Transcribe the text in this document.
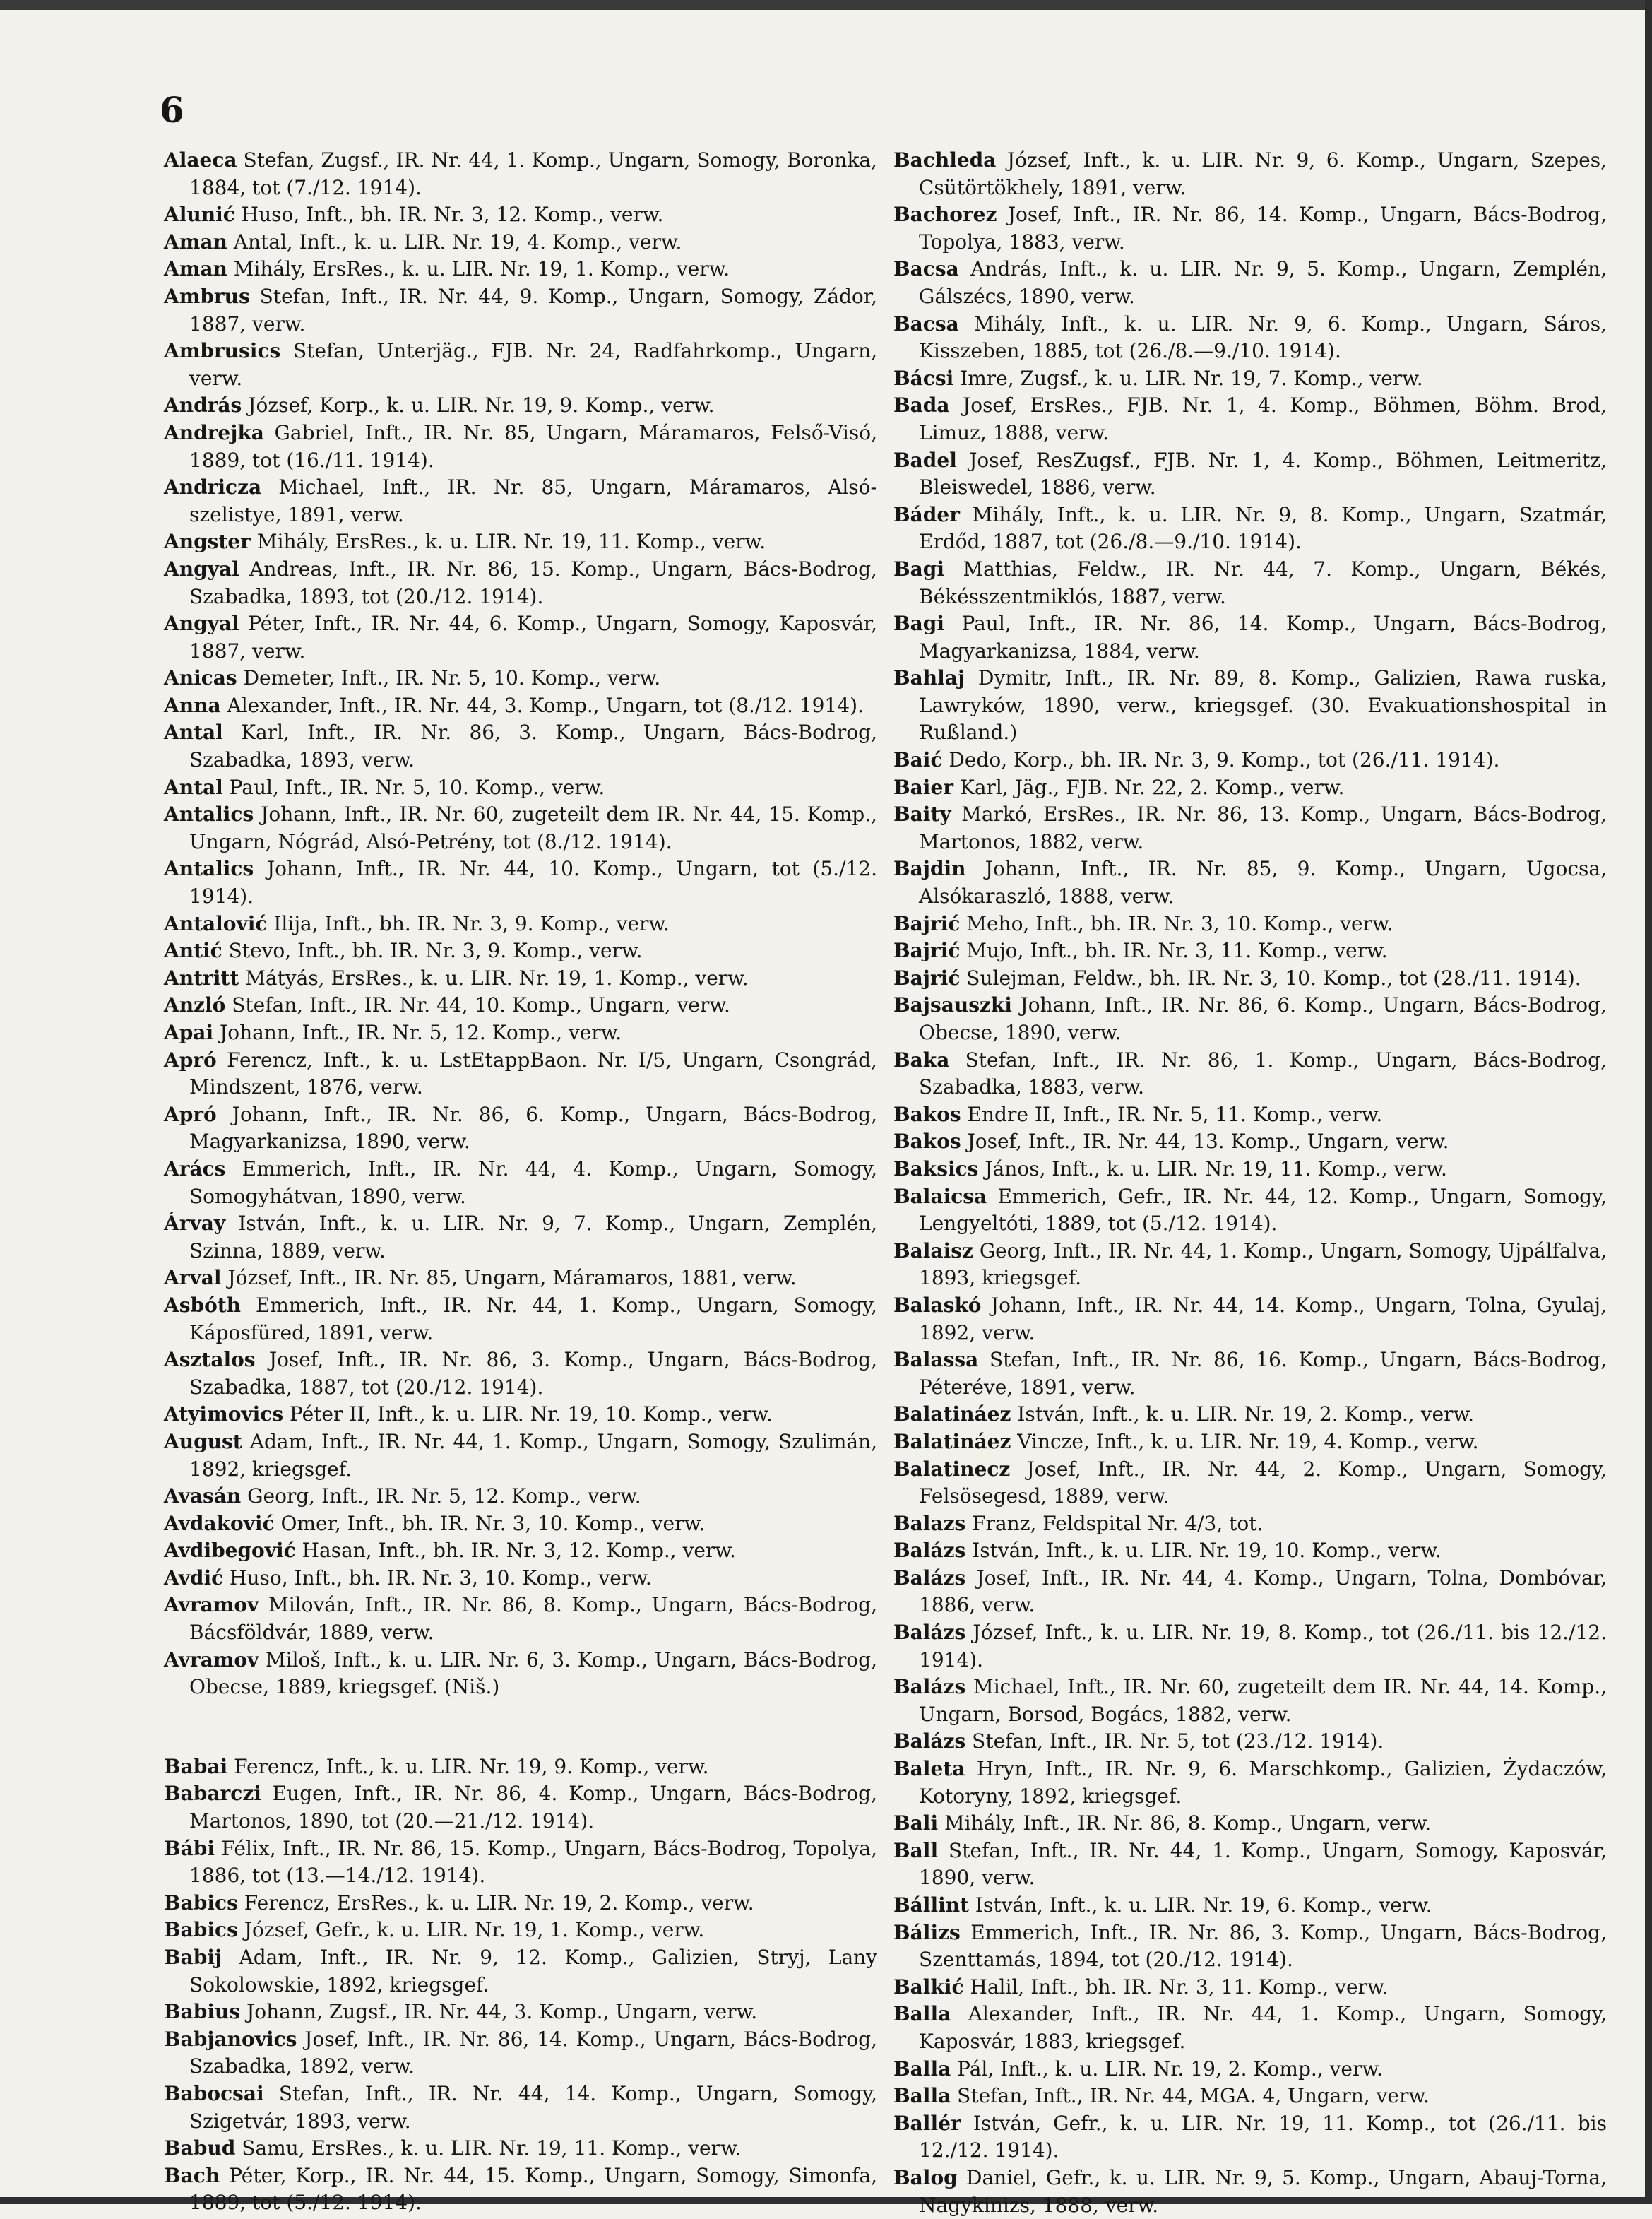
6

Alaeca Stefan, Zugsf., IR. Nr. 44, 1. Komp., Ungarn, Somogy, Boronka, 1884, tot (7./12. 1914).

Alunić Huso, Inft., bh. IR. Nr. 3, 12. Komp., verw.

Aman Antal, Inft., k. u. LIR. Nr. 19, 4. Komp., verw.

Aman Mihály, ErsRes., k. u. LIR. Nr. 19, 1. Komp., verw.

Ambrus Stefan, Inft., IR. Nr. 44, 9. Komp., Ungarn, Somogy, Zádor, 1887, verw.

Ambrusics Stefan, Unterjäg., FJB. Nr. 24, Radfahrkomp., Ungarn, verw.

András József, Korp., k. u. LIR. Nr. 19, 9. Komp., verw.

Andrejka Gabriel, Inft., IR. Nr. 85, Ungarn, Máramaros, Felső-Visó, 1889, tot (16./11. 1914).

Andricza Michael, Inft., IR. Nr. 85, Ungarn, Máramaros, Alsó-szelistye, 1891, verw.

Angster Mihály, ErsRes., k. u. LIR. Nr. 19, 11. Komp., verw.

Angyal Andreas, Inft., IR. Nr. 86, 15. Komp., Ungarn, Bács-Bodrog, Szabadka, 1893, tot (20./12. 1914).

Angyal Péter, Inft., IR. Nr. 44, 6. Komp., Ungarn, Somogy, Kaposvár, 1887, verw.

Anicas Demeter, Inft., IR. Nr. 5, 10. Komp., verw.

Anna Alexander, Inft., IR. Nr. 44, 3. Komp., Ungarn, tot (8./12. 1914).

Antal Karl, Inft., IR. Nr. 86, 3. Komp., Ungarn, Bács-Bodrog, Szabadka, 1893, verw.

Antal Paul, Inft., IR. Nr. 5, 10. Komp., verw.

Antalics Johann, Inft., IR. Nr. 60, zugeteilt dem IR. Nr. 44, 15. Komp., Ungarn, Nógrád, Alsó-Petrény, tot (8./12. 1914).

Antalics Johann, Inft., IR. Nr. 44, 10. Komp., Ungarn, tot (5./12. 1914).

Antalović Ilija, Inft., bh. IR. Nr. 3, 9. Komp., verw.

Antić Stevo, Inft., bh. IR. Nr. 3, 9. Komp., verw.

Antritt Mátyás, ErsRes., k. u. LIR. Nr. 19, 1. Komp., verw.

Anzló Stefan, Inft., IR. Nr. 44, 10. Komp., Ungarn, verw.

Apai Johann, Inft., IR. Nr. 5, 12. Komp., verw.

Apró Ferencz, Inft., k. u. LstEtappBaon. Nr. I/5, Ungarn, Csongrád, Mindszent, 1876, verw.

Apró Johann, Inft., IR. Nr. 86, 6. Komp., Ungarn, Bács-Bodrog, Magyarkanizsa, 1890, verw.

Arács Emmerich, Inft., IR. Nr. 44, 4. Komp., Ungarn, Somogy, Somogyhátvan, 1890, verw.

Árvay István, Inft., k. u. LIR. Nr. 9, 7. Komp., Ungarn, Zemplén, Szinna, 1889, verw.

Arval József, Inft., IR. Nr. 85, Ungarn, Máramaros, 1881, verw.

Asbóth Emmerich, Inft., IR. Nr. 44, 1. Komp., Ungarn, Somogy, Káposfüred, 1891, verw.

Asztalos Josef, Inft., IR. Nr. 86, 3. Komp., Ungarn, Bács-Bodrog, Szabadka, 1887, tot (20./12. 1914).

Atyimovics Péter II, Inft., k. u. LIR. Nr. 19, 10. Komp., verw.

August Adam, Inft., IR. Nr. 44, 1. Komp., Ungarn, Somogy, Szulimán, 1892, kriegsgef.

Avasán Georg, Inft., IR. Nr. 5, 12. Komp., verw.

Avdaković Omer, Inft., bh. IR. Nr. 3, 10. Komp., verw.

Avdibegović Hasan, Inft., bh. IR. Nr. 3, 12. Komp., verw.

Avdić Huso, Inft., bh. IR. Nr. 3, 10. Komp., verw.

Avramov Milován, Inft., IR. Nr. 86, 8. Komp., Ungarn, Bács-Bodrog, Bácsföldvár, 1889, verw.

Avramov Miloš, Inft., k. u. LIR. Nr. 6, 3. Komp., Ungarn, Bács-Bodrog, Obecse, 1889, kriegsgef. (Niš.)

Babai Ferencz, Inft., k. u. LIR. Nr. 19, 9. Komp., verw.

Babarczi Eugen, Inft., IR. Nr. 86, 4. Komp., Ungarn, Bács-Bodrog, Martonos, 1890, tot (20.—21./12. 1914).

Bábi Félix, Inft., IR. Nr. 86, 15. Komp., Ungarn, Bács-Bodrog, Topolya, 1886, tot (13.—14./12. 1914).

Babics Ferencz, ErsRes., k. u. LIR. Nr. 19, 2. Komp., verw.

Babics József, Gefr., k. u. LIR. Nr. 19, 1. Komp., verw.

Babij Adam, Inft., IR. Nr. 9, 12. Komp., Galizien, Stryj, Lany Sokolowskie, 1892, kriegsgef.

Babius Johann, Zugsf., IR. Nr. 44, 3. Komp., Ungarn, verw.

Babjanovics Josef, Inft., IR. Nr. 86, 14. Komp., Ungarn, Bács-Bodrog, Szabadka, 1892, verw.

Babocsai Stefan, Inft., IR. Nr. 44, 14. Komp., Ungarn, Somogy, Szigetvár, 1893, verw.

Babud Samu, ErsRes., k. u. LIR. Nr. 19, 11. Komp., verw.

Bach Péter, Korp., IR. Nr. 44, 15. Komp., Ungarn, Somogy, Simonfa, 1889, tot (5./12. 1914).

Bachleda József, Inft., k. u. LIR. Nr. 9, 6. Komp., Ungarn, Szepes, Csütörtökhely, 1891, verw.

Bachorez Josef, Inft., IR. Nr. 86, 14. Komp., Ungarn, Bács-Bodrog, Topolya, 1883, verw.

Bacsa András, Inft., k. u. LIR. Nr. 9, 5. Komp., Ungarn, Zemplén, Gálszécs, 1890, verw.

Bacsa Mihály, Inft., k. u. LIR. Nr. 9, 6. Komp., Ungarn, Sáros, Kisszeben, 1885, tot (26./8.—9./10. 1914).

Bácsi Imre, Zugsf., k. u. LIR. Nr. 19, 7. Komp., verw.

Bada Josef, ErsRes., FJB. Nr. 1, 4. Komp., Böhmen, Böhm. Brod, Limuz, 1888, verw.

Badel Josef, ResZugsf., FJB. Nr. 1, 4. Komp., Böhmen, Leitmeritz, Bleiswedel, 1886, verw.

Báder Mihály, Inft., k. u. LIR. Nr. 9, 8. Komp., Ungarn, Szatmár, Erdőd, 1887, tot (26./8.—9./10. 1914).

Bagi Matthias, Feldw., IR. Nr. 44, 7. Komp., Ungarn, Békés, Békésszentmiklós, 1887, verw.

Bagi Paul, Inft., IR. Nr. 86, 14. Komp., Ungarn, Bács-Bodrog, Magyarkanizsa, 1884, verw.

Bahlaj Dymitr, Inft., IR. Nr. 89, 8. Komp., Galizien, Rawa ruska, Lawryków, 1890, verw., kriegsgef. (30. Evakuationshospital in Rußland.)

Baić Dedo, Korp., bh. IR. Nr. 3, 9. Komp., tot (26./11. 1914).

Baier Karl, Jäg., FJB. Nr. 22, 2. Komp., verw.

Baity Markó, ErsRes., IR. Nr. 86, 13. Komp., Ungarn, Bács-Bodrog, Martonos, 1882, verw.

Bajdin Johann, Inft., IR. Nr. 85, 9. Komp., Ungarn, Ugocsa, Alsókaraszló, 1888, verw.

Bajrić Meho, Inft., bh. IR. Nr. 3, 10. Komp., verw.

Bajrić Mujo, Inft., bh. IR. Nr. 3, 11. Komp., verw.

Bajrić Sulejman, Feldw., bh. IR. Nr. 3, 10. Komp., tot (28./11. 1914).

Bajsauszki Johann, Inft., IR. Nr. 86, 6. Komp., Ungarn, Bács-Bodrog, Obecse, 1890, verw.

Baka Stefan, Inft., IR. Nr. 86, 1. Komp., Ungarn, Bács-Bodrog, Szabadka, 1883, verw.

Bakos Endre II, Inft., IR. Nr. 5, 11. Komp., verw.

Bakos Josef, Inft., IR. Nr. 44, 13. Komp., Ungarn, verw.

Baksics János, Inft., k. u. LIR. Nr. 19, 11. Komp., verw.

Balaicsa Emmerich, Gefr., IR. Nr. 44, 12. Komp., Ungarn, Somogy, Lengyeltóti, 1889, tot (5./12. 1914).

Balaisz Georg, Inft., IR. Nr. 44, 1. Komp., Ungarn, Somogy, Ujpálfalva, 1893, kriegsgef.

Balaskó Johann, Inft., IR. Nr. 44, 14. Komp., Ungarn, Tolna, Gyulaj, 1892, verw.

Balassa Stefan, Inft., IR. Nr. 86, 16. Komp., Ungarn, Bács-Bodrog, Péteréve, 1891, verw.

Balatináez István, Inft., k. u. LIR. Nr. 19, 2. Komp., verw.

Balatináez Vincze, Inft., k. u. LIR. Nr. 19, 4. Komp., verw.

Balatinecz Josef, Inft., IR. Nr. 44, 2. Komp., Ungarn, Somogy, Felsösegesd, 1889, verw.

Balazs Franz, Feldspital Nr. 4/3, tot.

Balázs István, Inft., k. u. LIR. Nr. 19, 10. Komp., verw.

Balázs Josef, Inft., IR. Nr. 44, 4. Komp., Ungarn, Tolna, Dombóvar, 1886, verw.

Balázs József, Inft., k. u. LIR. Nr. 19, 8. Komp., tot (26./11. bis 12./12. 1914).

Balázs Michael, Inft., IR. Nr. 60, zugeteilt dem IR. Nr. 44, 14. Komp., Ungarn, Borsod, Bogács, 1882, verw.

Balázs Stefan, Inft., IR. Nr. 5, tot (23./12. 1914).

Baleta Hryn, Inft., IR. Nr. 9, 6. Marschkomp., Galizien, Żydaczów, Kotoryny, 1892, kriegsgef.

Bali Mihály, Inft., IR. Nr. 86, 8. Komp., Ungarn, verw.

Ball Stefan, Inft., IR. Nr. 44, 1. Komp., Ungarn, Somogy, Kaposvár, 1890, verw.

Bállint István, Inft., k. u. LIR. Nr. 19, 6. Komp., verw.

Bálizs Emmerich, Inft., IR. Nr. 86, 3. Komp., Ungarn, Bács-Bodrog, Szenttamás, 1894, tot (20./12. 1914).

Balkić Halil, Inft., bh. IR. Nr. 3, 11. Komp., verw.

Balla Alexander, Inft., IR. Nr. 44, 1. Komp., Ungarn, Somogy, Kaposvár, 1883, kriegsgef.

Balla Pál, Inft., k. u. LIR. Nr. 19, 2. Komp., verw.

Balla Stefan, Inft., IR. Nr. 44, MGA. 4, Ungarn, verw.

Ballér István, Gefr., k. u. LIR. Nr. 19, 11. Komp., tot (26./11. bis 12./12. 1914).

Balog Daniel, Gefr., k. u. LIR. Nr. 9, 5. Komp., Ungarn, Abauj-Torna, Nagykinizs, 1888, verw.
